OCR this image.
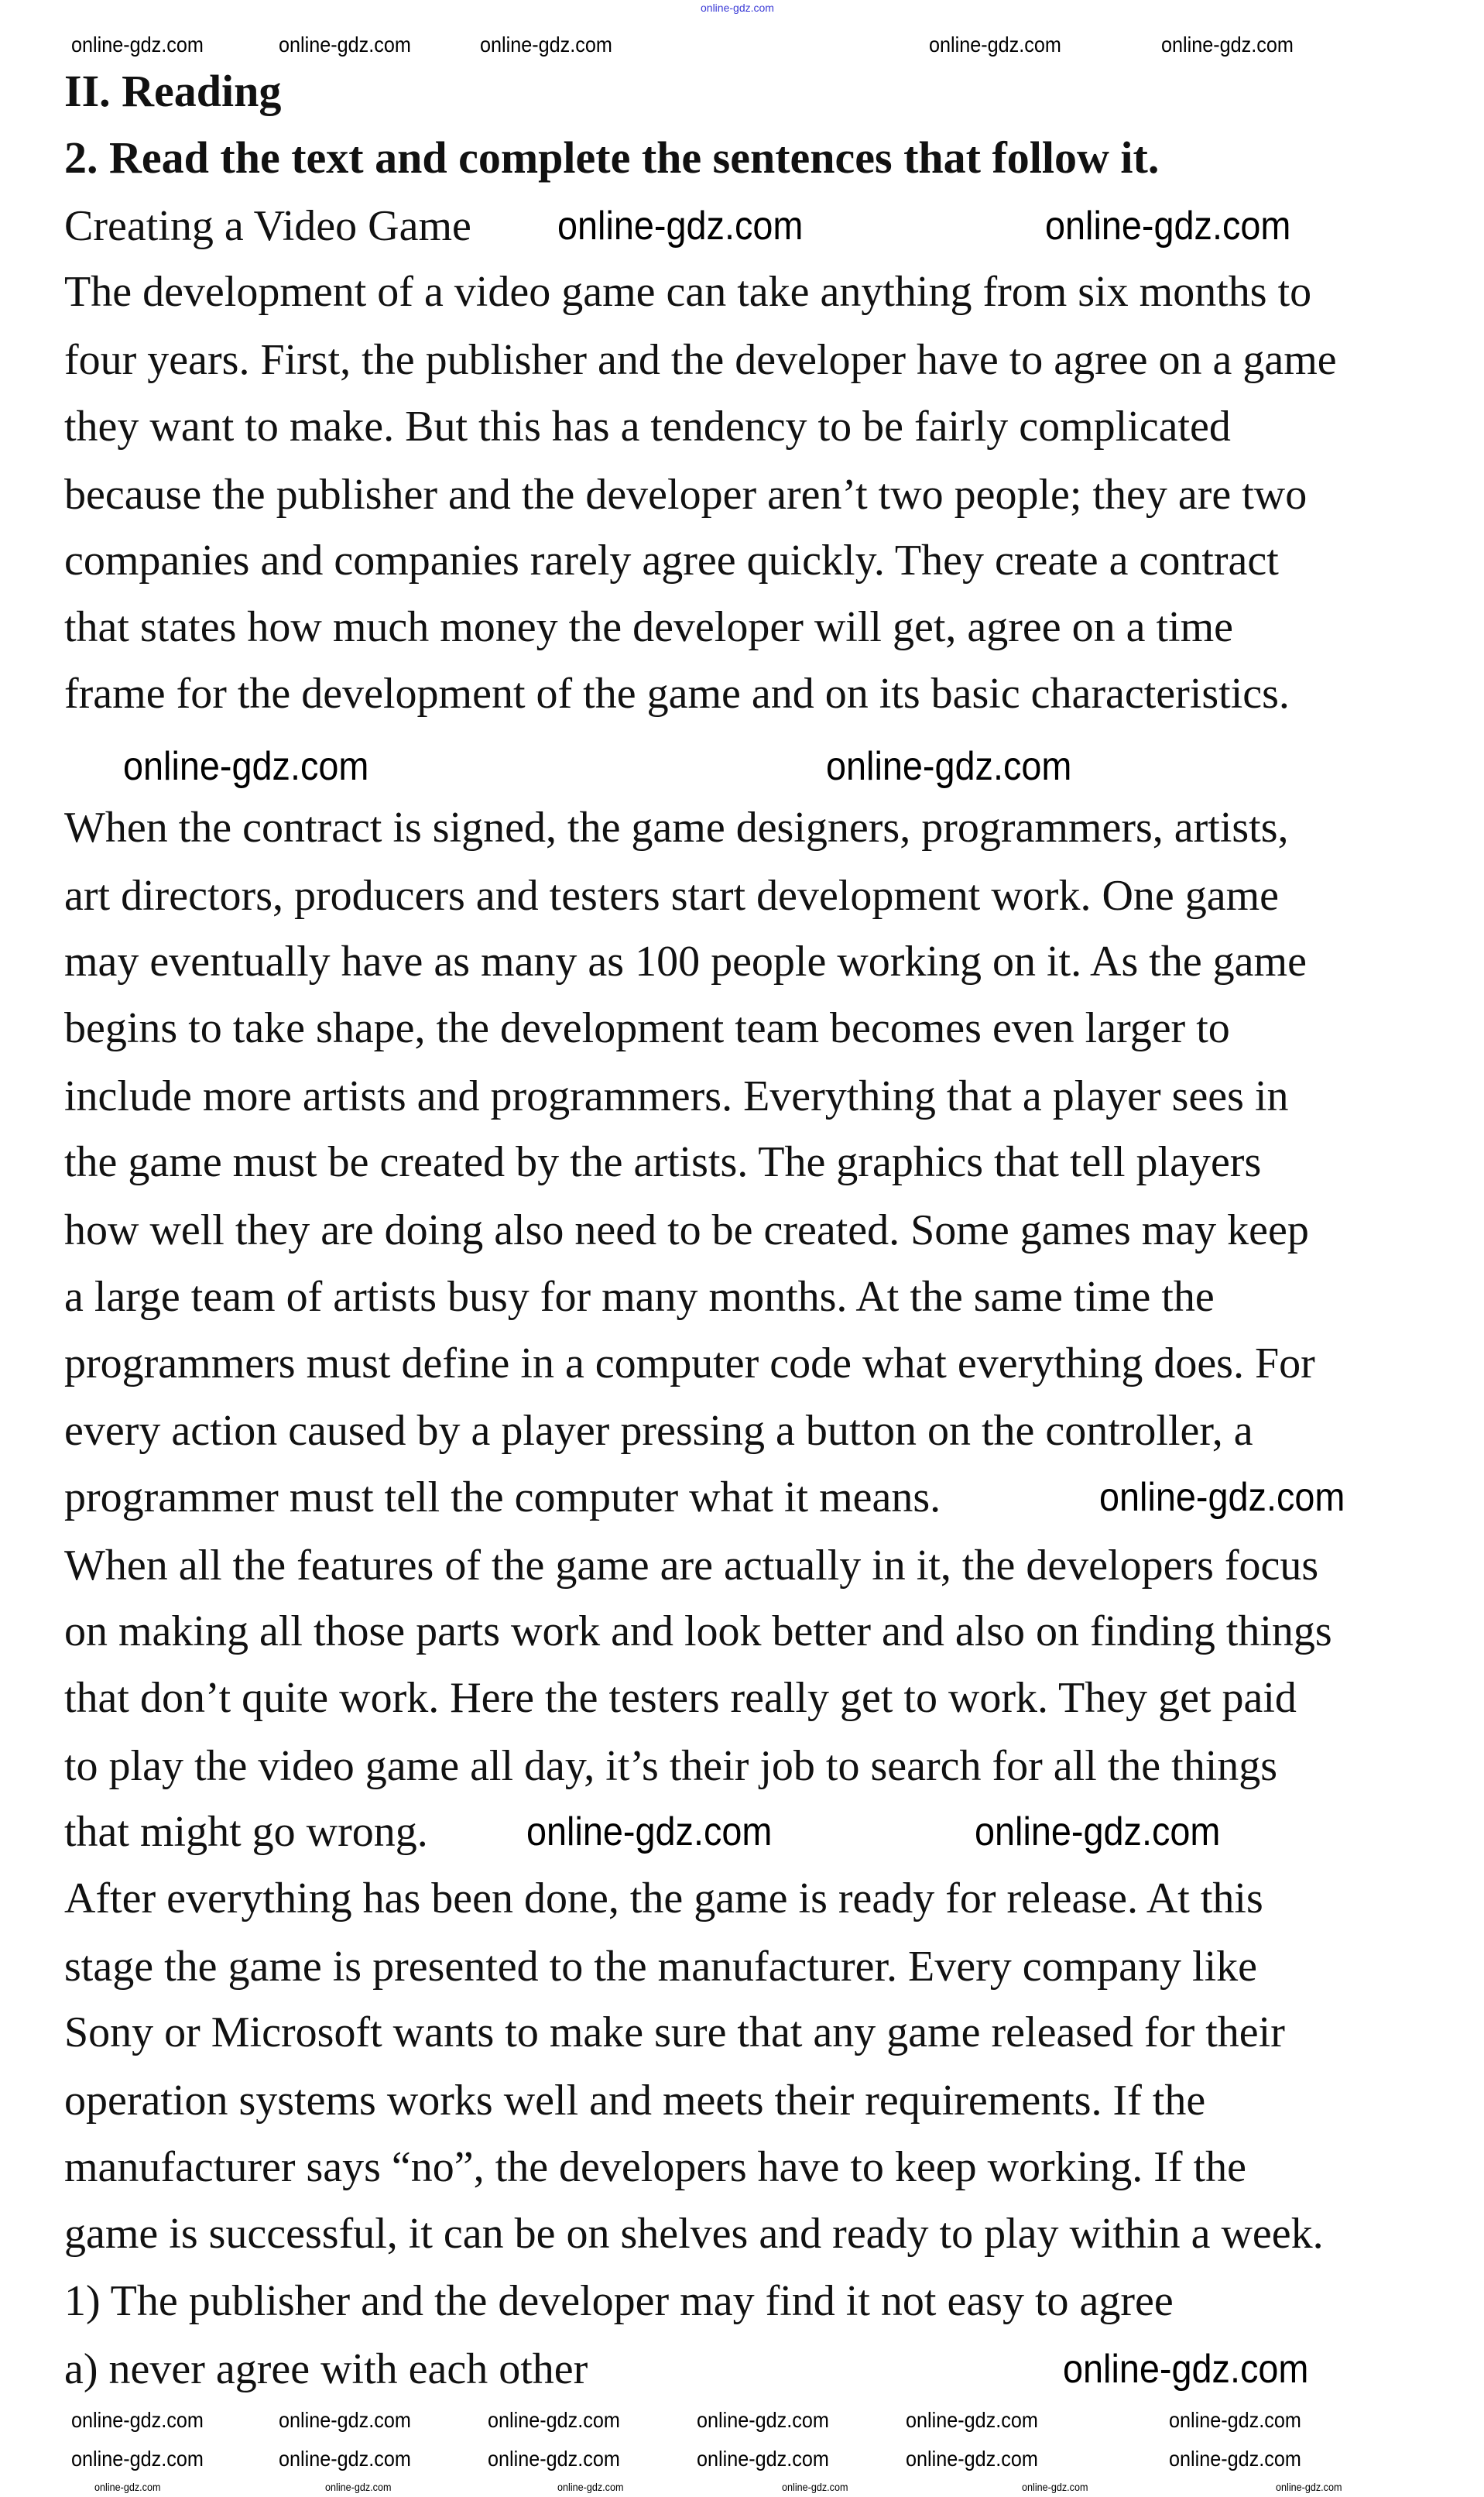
online-gdz.com
II. Reading
2. Read the text and complete the sentences that follow it.
Creating a Video Game
The development of a video game can take anything from six months to
four years. First, the publisher and the developer have to agree on a game
they want to make. But this has a tendency to be fairly complicated
because the publisher and the developer aren’t two people; they are two
companies and companies rarely agree quickly. They create a contract
that states how much money the developer will get, agree on a time
frame for the development of the game and on its basic characteristics.
When the contract is signed, the game designers, programmers, artists,
art directors, producers and testers start development work. One game
may eventually have as many as 100 people working on it. As the game
begins to take shape, the development team becomes even larger to
include more artists and programmers. Everything that a player sees in
the game must be created by the artists. The graphics that tell players
how well they are doing also need to be created. Some games may keep
a large team of artists busy for many months. At the same time the
programmers must define in a computer code what everything does. For
every action caused by a player pressing a button on the controller, a
programmer must tell the computer what it means.
When all the features of the game are actually in it, the developers focus
on making all those parts work and look better and also on finding things
that don’t quite work. Here the testers really get to work. They get paid
to play the video game all day, it’s their job to search for all the things
that might go wrong.
After everything has been done, the game is ready for release. At this
stage the game is presented to the manufacturer. Every company like
Sony or Microsoft wants to make sure that any game released for their
operation systems works well and meets their requirements. If the
manufacturer says “no”, the developers have to keep working. If the
game is successful, it can be on shelves and ready to play within a week.
1) The publisher and the developer may find it not easy to agree
a) never agree with each other
online-gdz.com	online-gdz.com
online-gdz.com	online-gdz.com
online-gdz.com
online-gdz.com	online-gdz.com
online-gdz.com
online-gdz.com	online-gdz.com	online-gdz.com	online-gdz.com	online-gdz.com
online-gdz.com	online-gdz.com	online-gdz.com	online-gdz.com	online-gdz.com	online-gdz.com
online-gdz.com	online-gdz.com	online-gdz.com	online-gdz.com	online-gdz.com	online-gdz.com
online-gdz.com	online-gdz.com	online-gdz.com	online-gdz.com	online-gdz.com	online-gdz.com
